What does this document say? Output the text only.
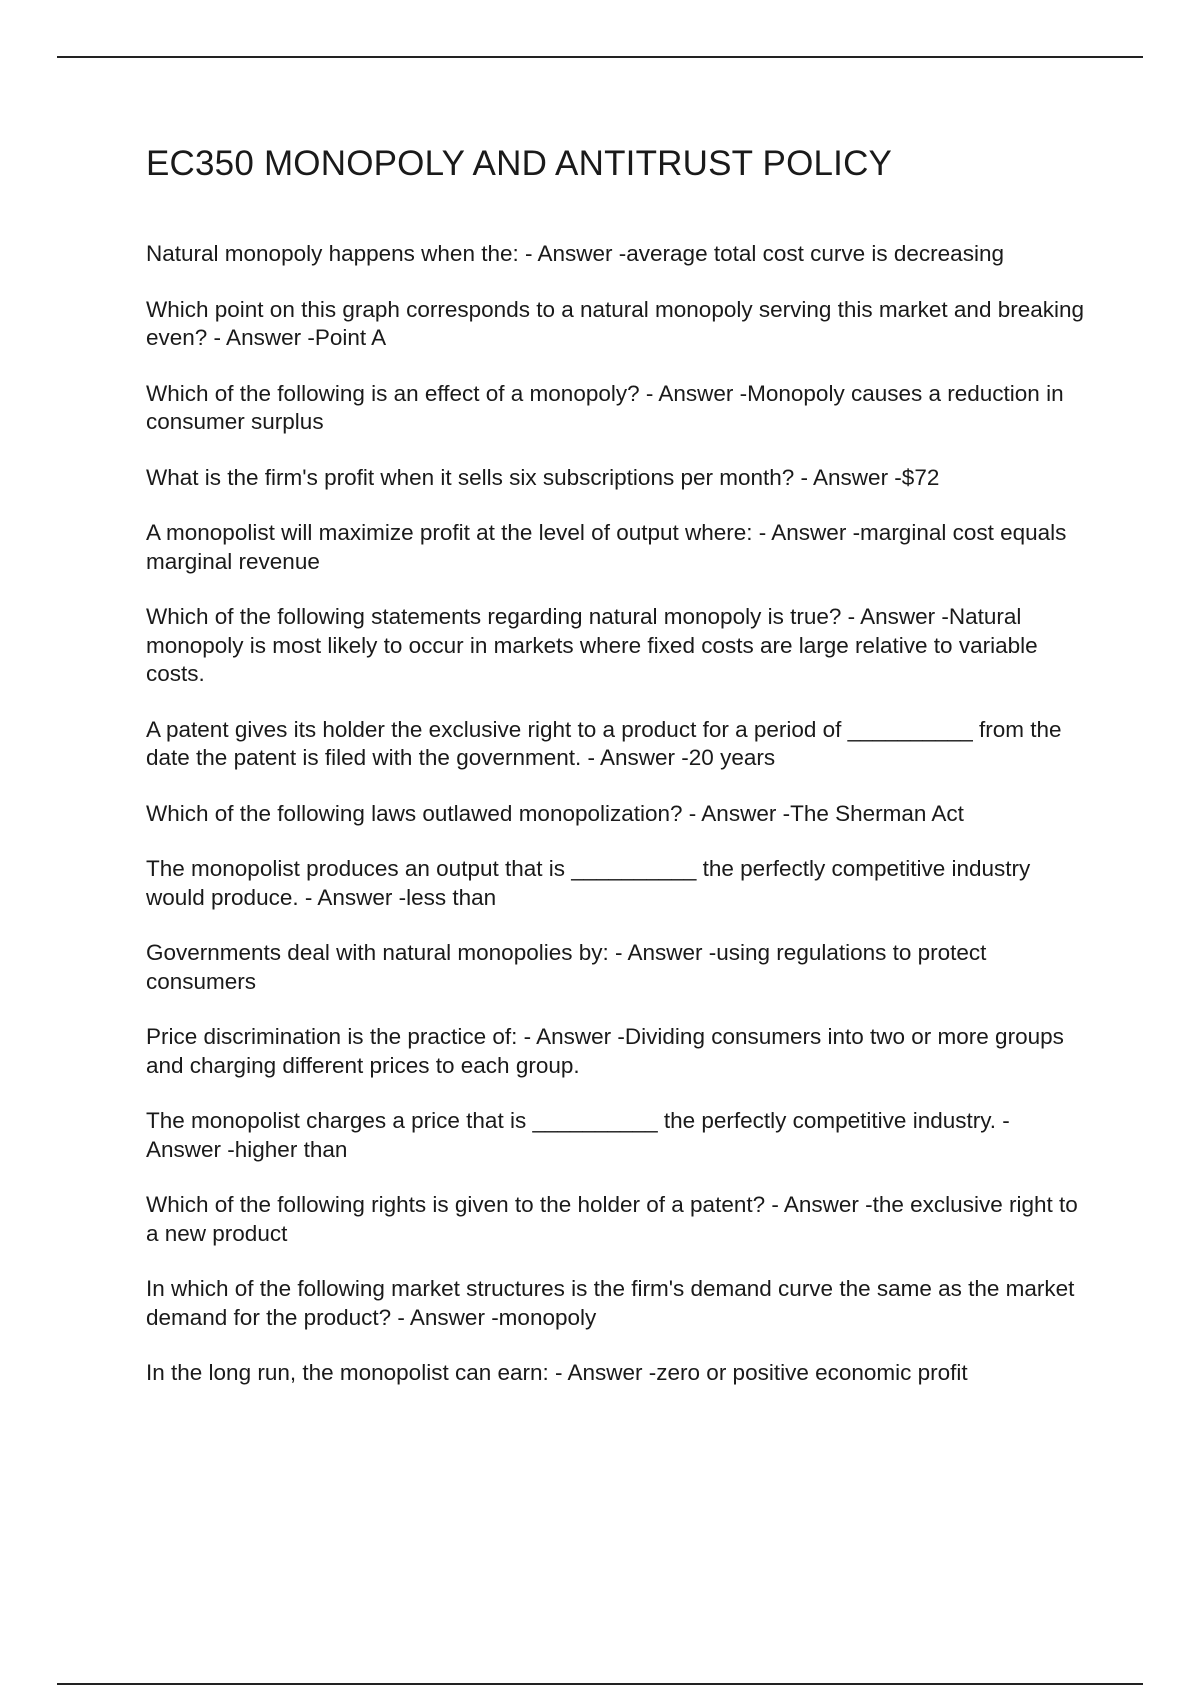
EC350 MONOPOLY AND ANTITRUST POLICY
Natural monopoly happens when the: - Answer -average total cost curve is decreasing
Which point on this graph corresponds to a natural monopoly serving this market and breaking even? - Answer -Point A
Which of the following is an effect of a monopoly? - Answer -Monopoly causes a reduction in consumer surplus
What is the firm's profit when it sells six subscriptions per month? - Answer -$72
A monopolist will maximize profit at the level of output where: - Answer -marginal cost equals marginal revenue
Which of the following statements regarding natural monopoly is true? - Answer -Natural monopoly is most likely to occur in markets where fixed costs are large relative to variable costs.
A patent gives its holder the exclusive right to a product for a period of __________ from the date the patent is filed with the government. - Answer -20 years
Which of the following laws outlawed monopolization? - Answer -The Sherman Act
The monopolist produces an output that is __________ the perfectly competitive industry would produce. - Answer -less than
Governments deal with natural monopolies by: - Answer -using regulations to protect consumers
Price discrimination is the practice of: - Answer -Dividing consumers into two or more groups and charging different prices to each group.
The monopolist charges a price that is __________ the perfectly competitive industry. - Answer -higher than
Which of the following rights is given to the holder of a patent? - Answer -the exclusive right to a new product
In which of the following market structures is the firm's demand curve the same as the market demand for the product? - Answer -monopoly
In the long run, the monopolist can earn: - Answer -zero or positive economic profit
